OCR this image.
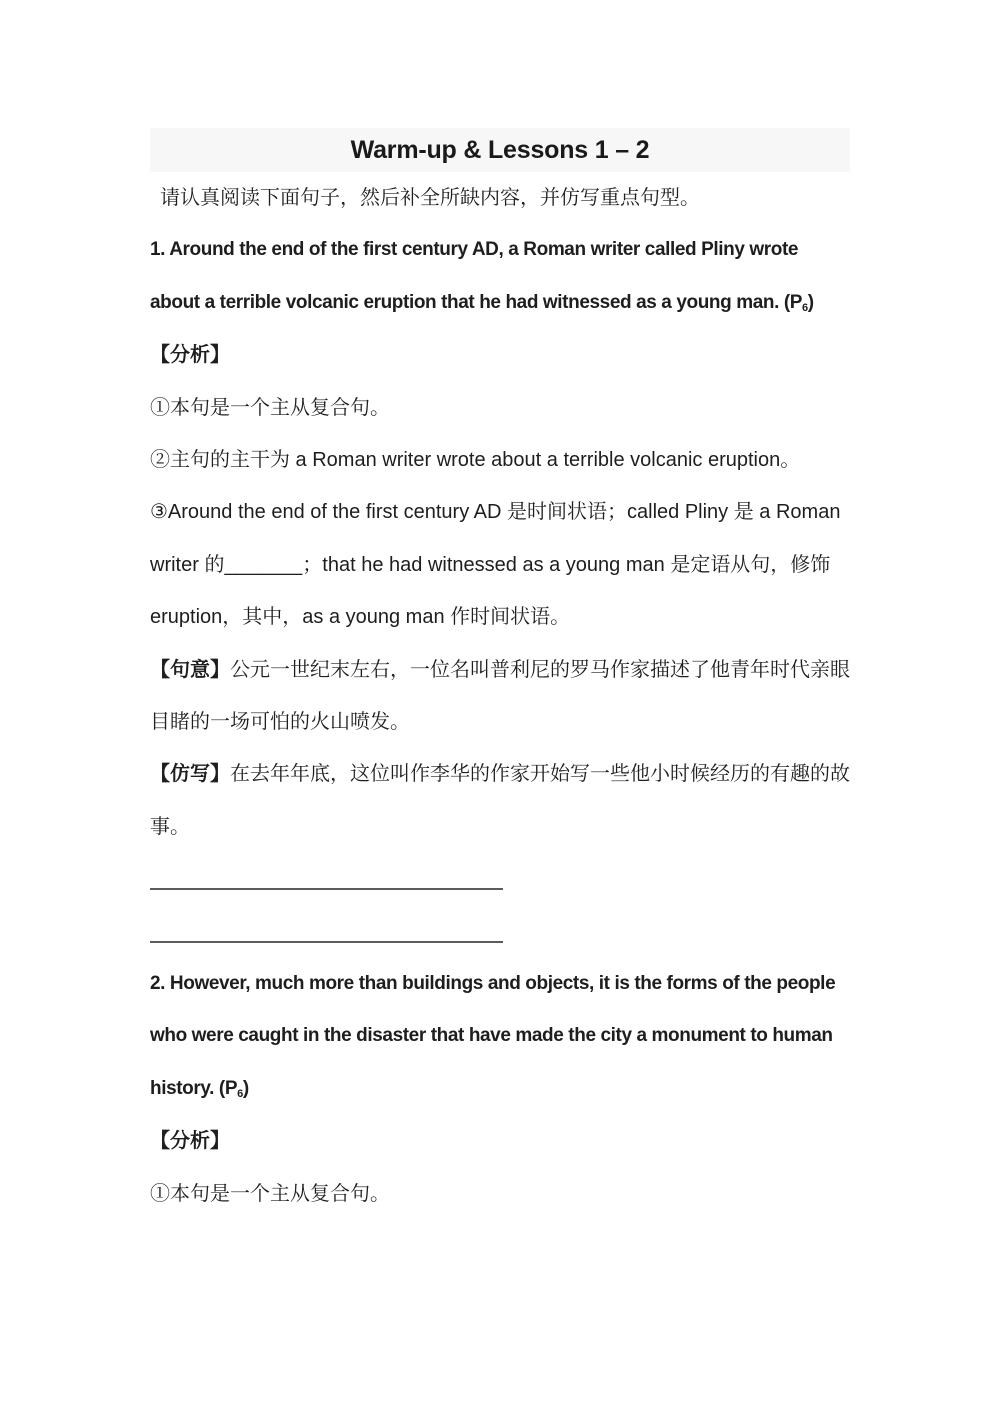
Warm-up & Lessons 1 – 2

请认真阅读下面句子，然后补全所缺内容，并仿写重点句型。

1. Around the end of the first century AD, a Roman writer called Pliny wrote about a terrible volcanic eruption that he had witnessed as a young man. $(P_6)$

【分析】

①本句是一个主从复合句。

②主句的主干为 a Roman writer wrote about a terrible volcanic eruption。

③Around the end of the first century AD 是时间状语；called Pliny 是 a Roman writer 的_______；that he had witnessed as a young man 是定语从句，修饰 eruption，其中，as a young man 作时间状语。

【句意】公元一世纪末左右，一位名叫普利尼的罗马作家描述了他青年时代亲眼目睹的一场可怕的火山喷发。

【仿写】在去年年底，这位叫作李华的作家开始写一些他小时候经历的有趣的故事。

2. However, much more than buildings and objects, it is the forms of the people who were caught in the disaster that have made the city a monument to human history. $(P_6)$

【分析】

①本句是一个主从复合句。
